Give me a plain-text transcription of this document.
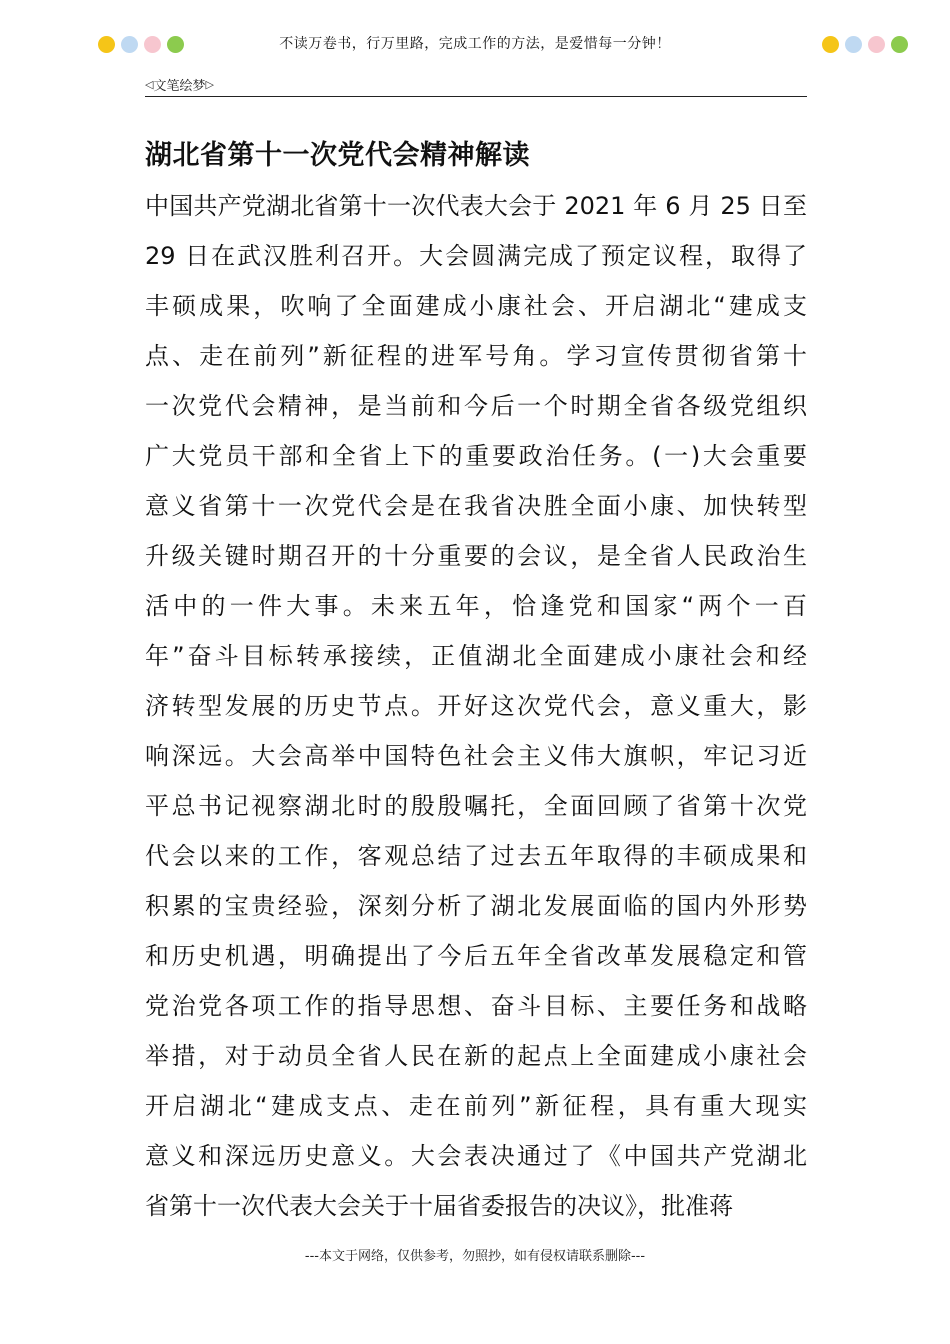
不读万卷书，行万里路，完成工作的方法，是爱惜每一分钟！
◁ 文笔绘梦 ▷
湖北省第十一次党代会精神解读
中国共产党湖北省第十一次代表大会于 2021 年 6 月 25 日至
29 日在武汉胜利召开。大会圆满完成了预定议程，取得了
丰硕成果，吹响了全面建成小康社会、开启湖北“建成支
点、走在前列”新征程的进军号角。学习宣传贯彻省第十
一次党代会精神，是当前和今后一个时期全省各级党组织
广大党员干部和全省上下的重要政治任务。(一)大会重要
意义省第十一次党代会是在我省决胜全面小康、加快转型
升级关键时期召开的十分重要的会议，是全省人民政治生
活中的一件大事。未来五年，恰逢党和国家“两个一百
年”奋斗目标转承接续，正值湖北全面建成小康社会和经
济转型发展的历史节点。开好这次党代会，意义重大，影
响深远。大会高举中国特色社会主义伟大旗帜，牢记习近
平总书记视察湖北时的殷殷嘱托，全面回顾了省第十次党
代会以来的工作，客观总结了过去五年取得的丰硕成果和
积累的宝贵经验，深刻分析了湖北发展面临的国内外形势
和历史机遇，明确提出了今后五年全省改革发展稳定和管
党治党各项工作的指导思想、奋斗目标、主要任务和战略
举措，对于动员全省人民在新的起点上全面建成小康社会
开启湖北“建成支点、走在前列”新征程，具有重大现实
意义和深远历史意义。大会表决通过了《中国共产党湖北
省第十一次代表大会关于十届省委报告的决议》，批准蒋
---本文于网络，仅供参考，勿照抄，如有侵权请联系删除---
